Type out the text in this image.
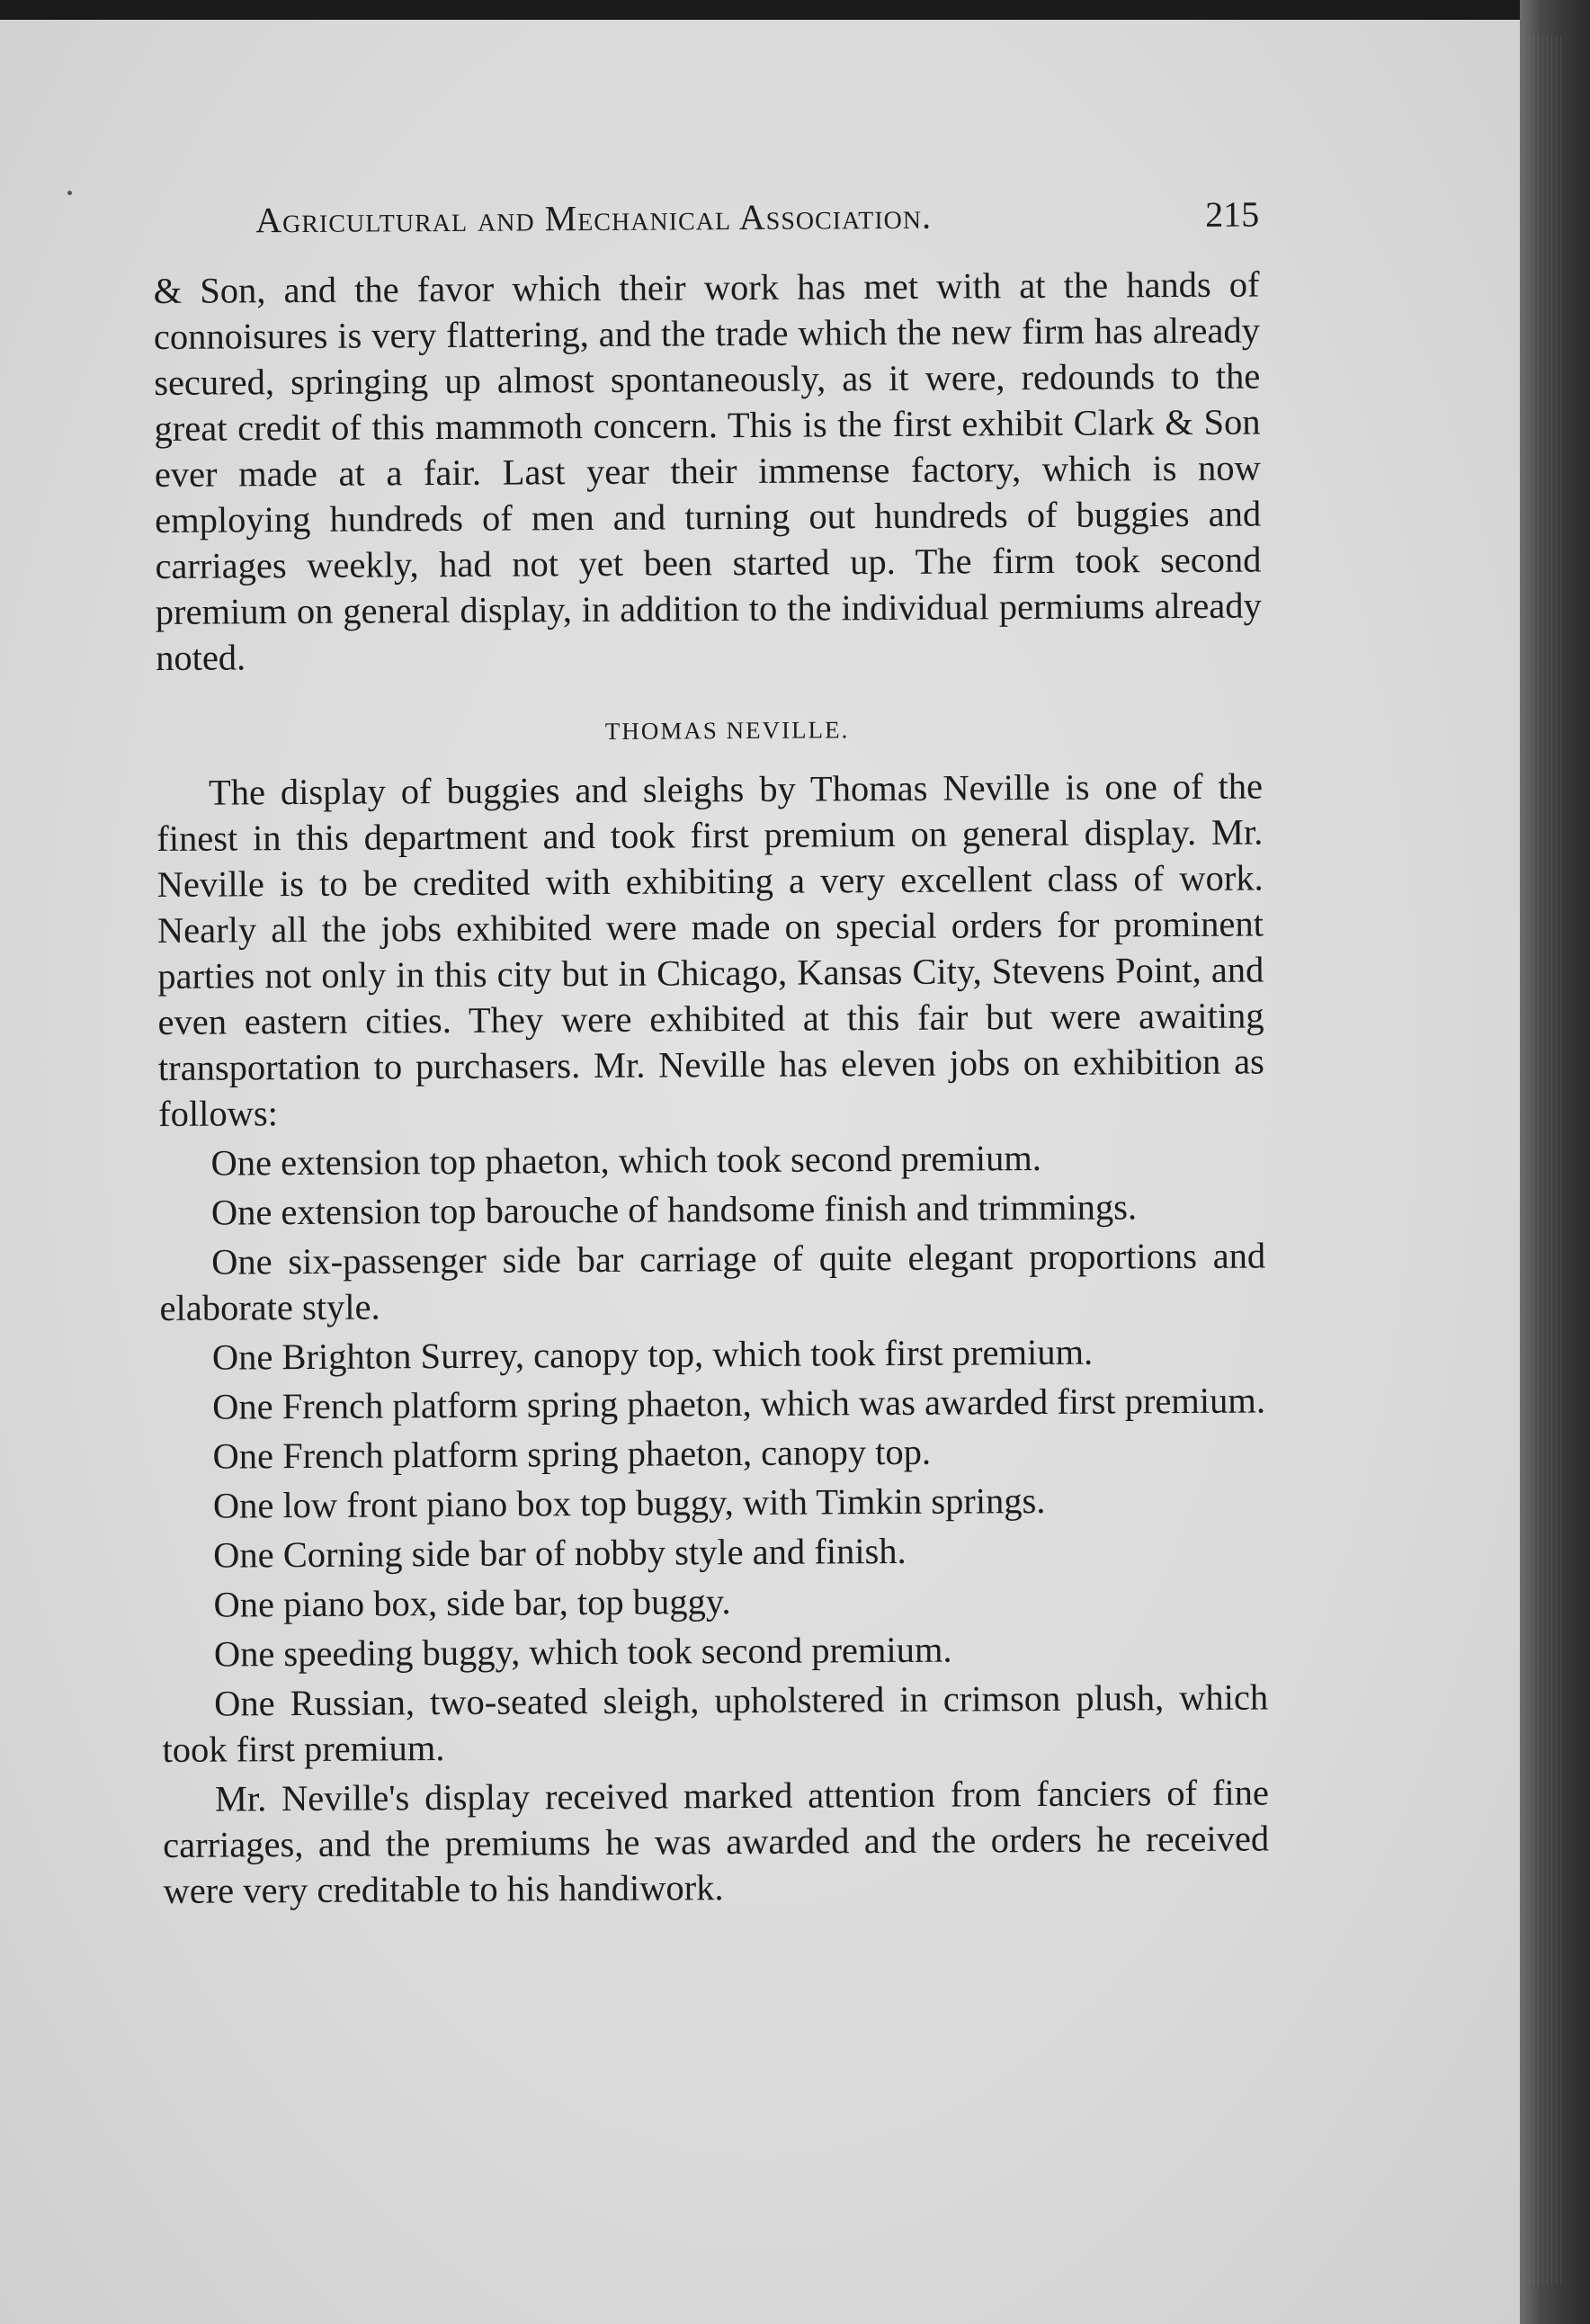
Agricultural and Mechanical Association.	215

& Son, and the favor which their work has met with at the hands of connoisures is very flattering, and the trade which the new firm has already secured, springing up almost spontaneously, as it were, redounds to the great credit of this mammoth concern. This is the first exhibit Clark & Son ever made at a fair. Last year their immense factory, which is now employing hundreds of men and turning out hundreds of buggies and carriages weekly, had not yet been started up. The firm took second premium on general display, in addition to the individual permiums already noted.

THOMAS NEVILLE.

The display of buggies and sleighs by Thomas Neville is one of the finest in this department and took first premium on general display. Mr. Neville is to be credited with exhibiting a very excellent class of work. Nearly all the jobs exhibited were made on special orders for prominent parties not only in this city but in Chicago, Kansas City, Stevens Point, and even eastern cities. They were exhibited at this fair but were awaiting transportation to purchasers. Mr. Neville has eleven jobs on exhibition as follows:

One extension top phaeton, which took second premium.

One extension top barouche of handsome finish and trimmings.

One six-passenger side bar carriage of quite elegant proportions and elaborate style.

One Brighton Surrey, canopy top, which took first premium.

One French platform spring phaeton, which was awarded first premium.

One French platform spring phaeton, canopy top.

One low front piano box top buggy, with Timkin springs.

One Corning side bar of nobby style and finish.

One piano box, side bar, top buggy.

One speeding buggy, which took second premium.

One Russian, two-seated sleigh, upholstered in crimson plush, which took first premium.

Mr. Neville's display received marked attention from fanciers of fine carriages, and the premiums he was awarded and the orders he received were very creditable to his handiwork.
